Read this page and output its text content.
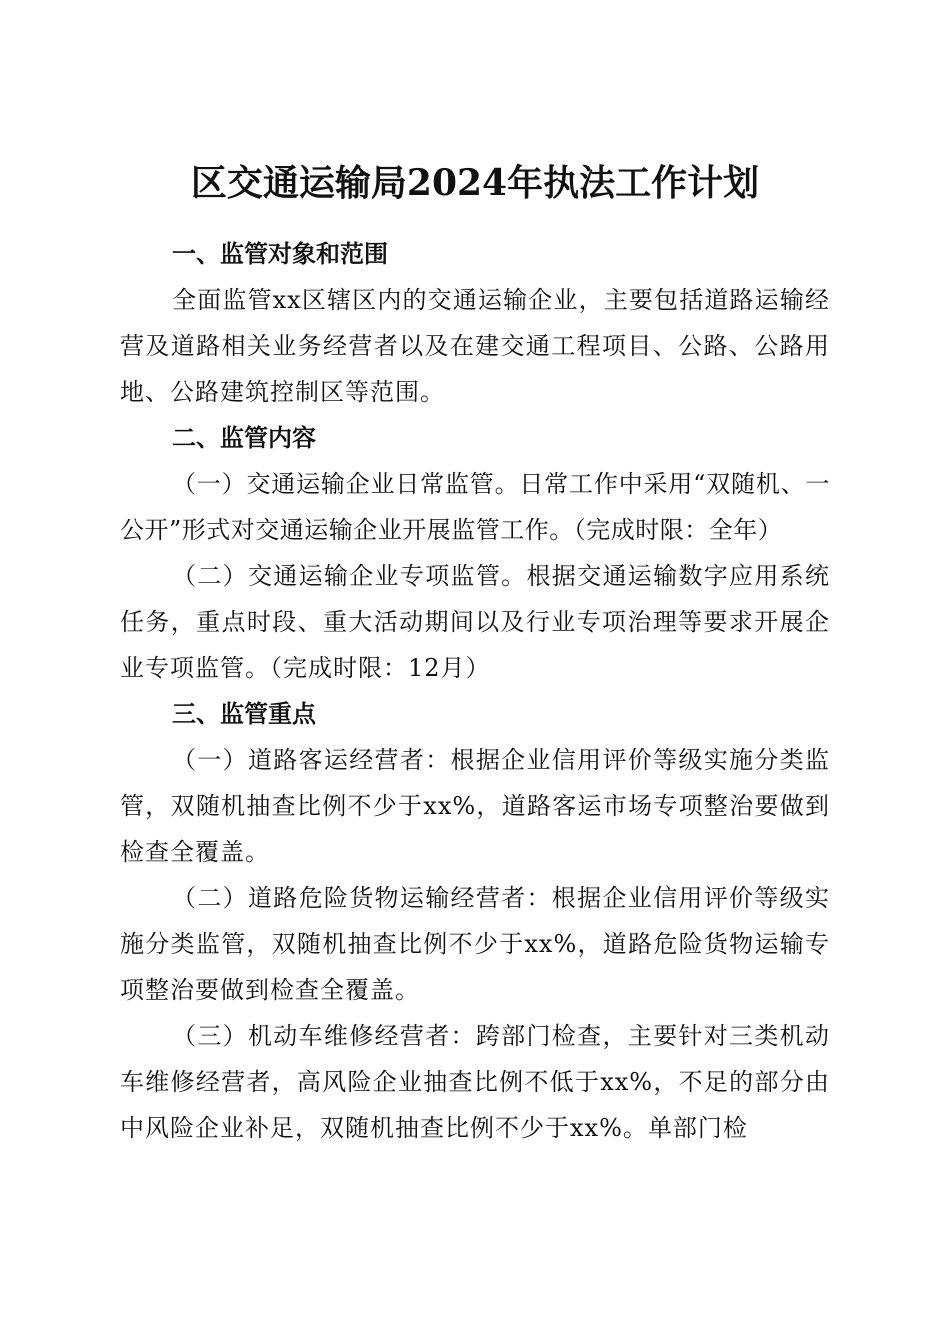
区交通运输局2024年执法工作计划
一、监管对象和范围

全面监管xx区辖区内的交通运输企业，主要包括道路运输经营及道路相关业务经营者以及在建交通工程项目、公路、公路用地、公路建筑控制区等范围。

二、监管内容

（一）交通运输企业日常监管。日常工作中采用“双随机、一公开”形式对交通运输企业开展监管工作。（完成时限：全年）

（二）交通运输企业专项监管。根据交通运输数字应用系统任务，重点时段、重大活动期间以及行业专项治理等要求开展企业专项监管。（完成时限：12月）

三、监管重点

（一）道路客运经营者：根据企业信用评价等级实施分类监管，双随机抽查比例不少于xx%，道路客运市场专项整治要做到检查全覆盖。

（二）道路危险货物运输经营者：根据企业信用评价等级实施分类监管，双随机抽查比例不少于xx%，道路危险货物运输专项整治要做到检查全覆盖。

（三）机动车维修经营者：跨部门检查，主要针对三类机动车维修经营者，高风险企业抽查比例不低于xx%，不足的部分由中风险企业补足，双随机抽查比例不少于xx%。单部门检
